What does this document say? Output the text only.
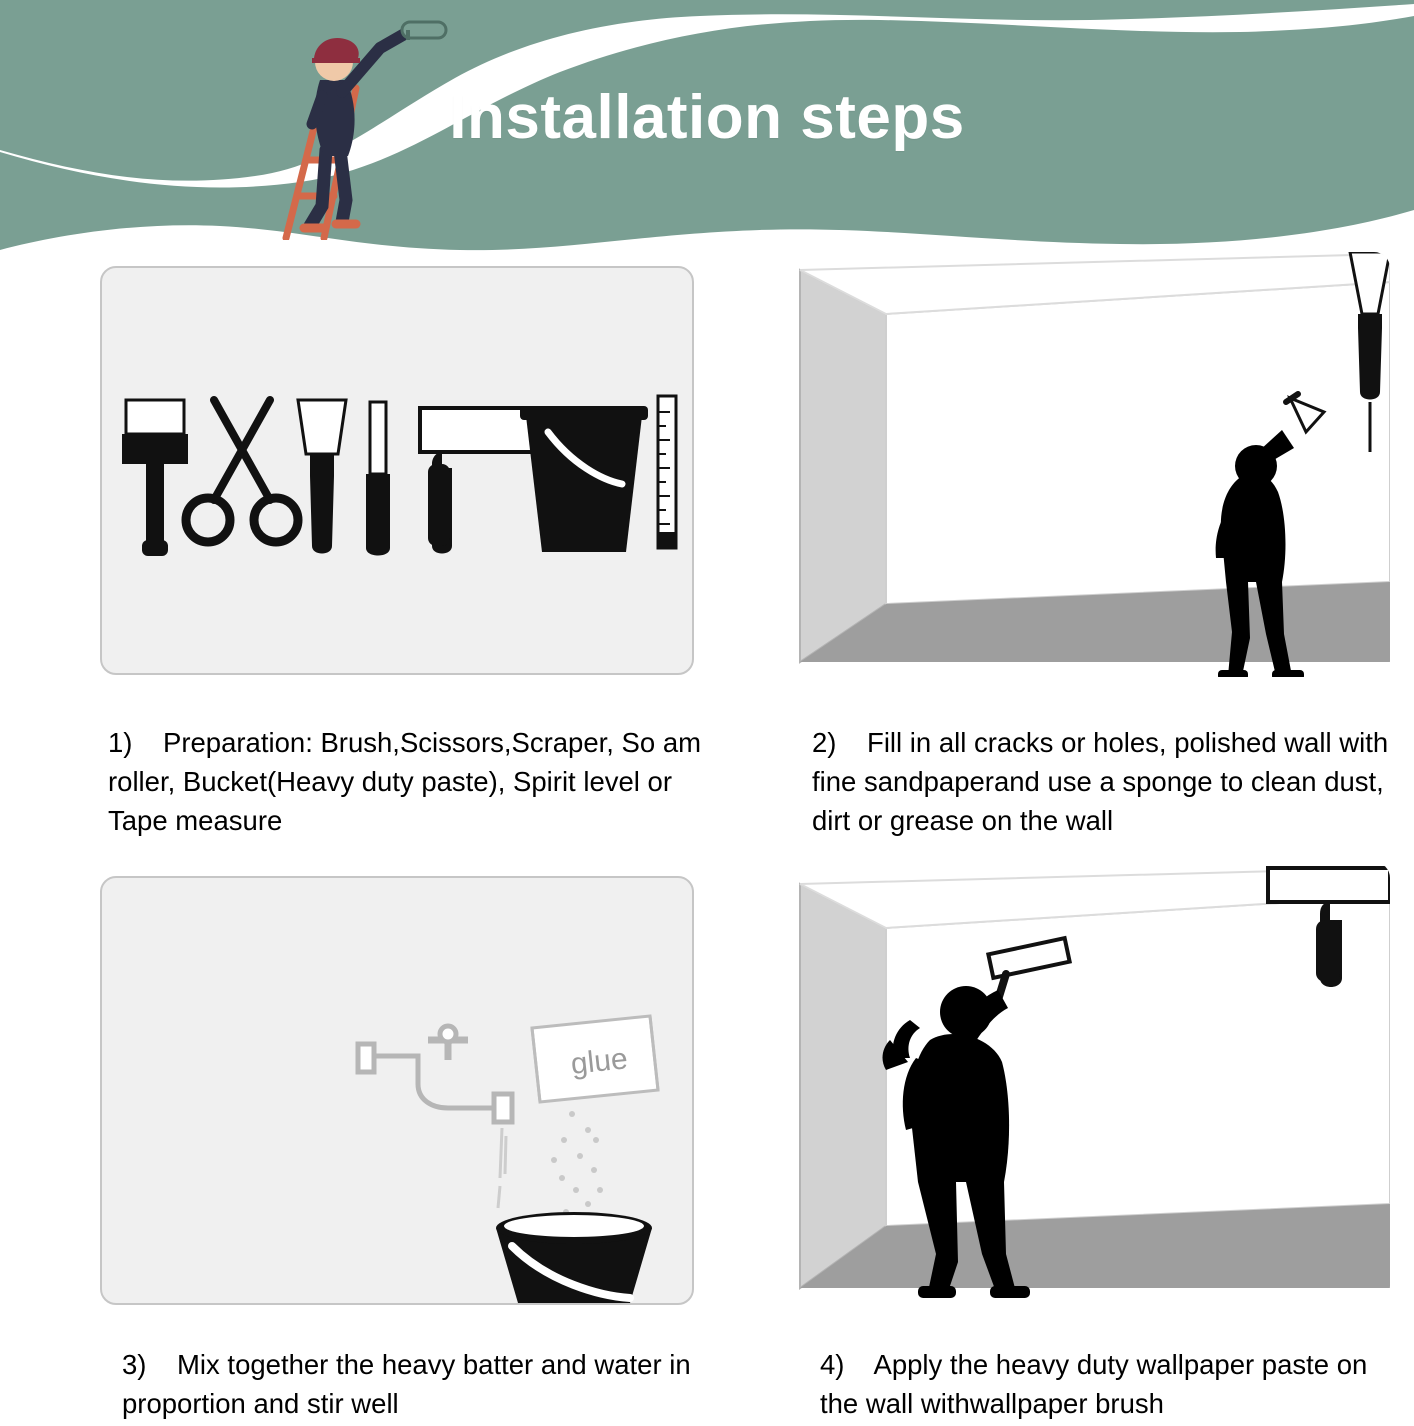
Installation steps
1) Preparation: Brush,Scissors,Scraper, So am roller, Bucket(Heavy duty paste), Spirit level or Tape measure
2) Fill in all cracks or holes, polished wall with fine sandpaperand use a sponge to clean dust, dirt or grease on the wall
glue
3) Mix together the heavy batter and water in proportion and stir well
4) Apply the heavy duty wallpaper paste on the wall withwallpaper brush
